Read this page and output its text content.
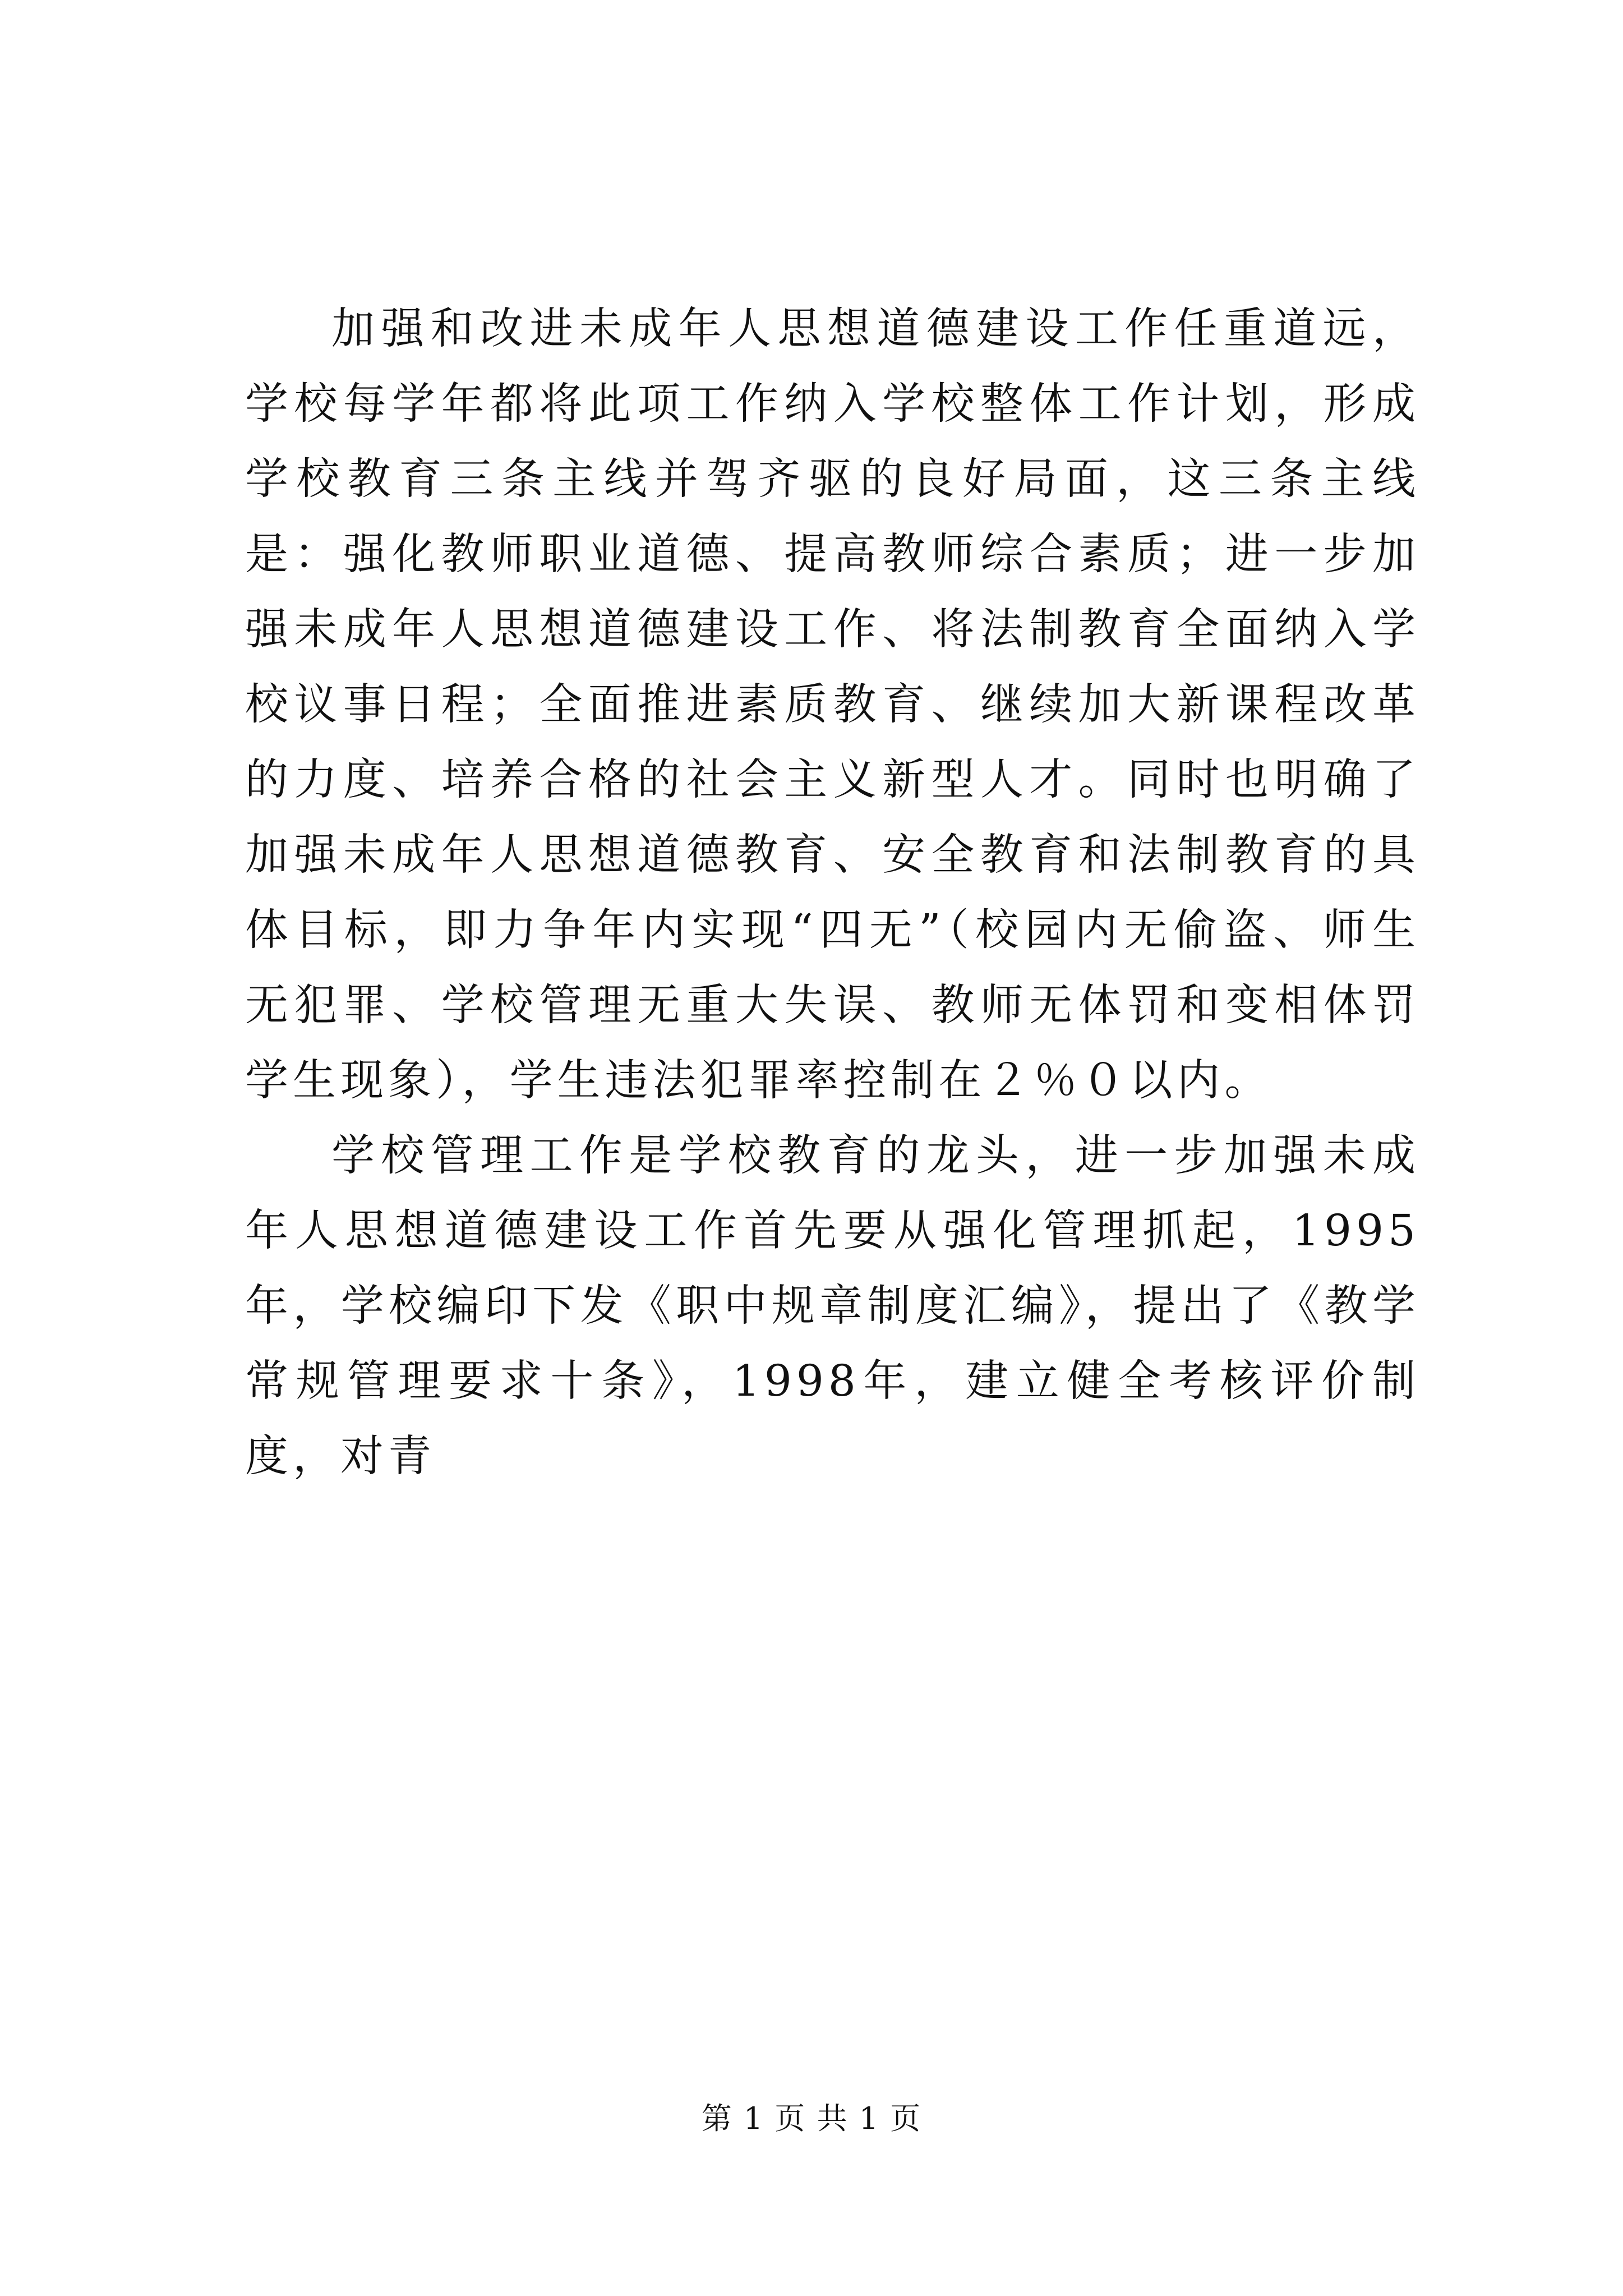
加强和改进未成年人思想道德建设工作任重道远，学校每学年都将此项工作纳入学校整体工作计划，形成学校教育三条主线并驾齐驱的良好局面，这三条主线是：强化教师职业道德、提高教师综合素质；进一步加强未成年人思想道德建设工作、将法制教育全面纳入学校议事日程；全面推进素质教育、继续加大新课程改革的力度、培养合格的社会主义新型人才。同时也明确了加强未成年人思想道德教育、安全教育和法制教育的具体目标，即力争年内实现“四无”（校园内无偷盗、师生无犯罪、学校管理无重大失误、教师无体罚和变相体罚学生现象），学生违法犯罪率控制在２％０以内。

学校管理工作是学校教育的龙头，进一步加强未成年人思想道德建设工作首先要从强化管理抓起，1995年，学校编印下发《职中规章制度汇编》，提出了《教学常规管理要求十条》，1998年，建立健全考核评价制度，对青

第 1 页 共 1 页
